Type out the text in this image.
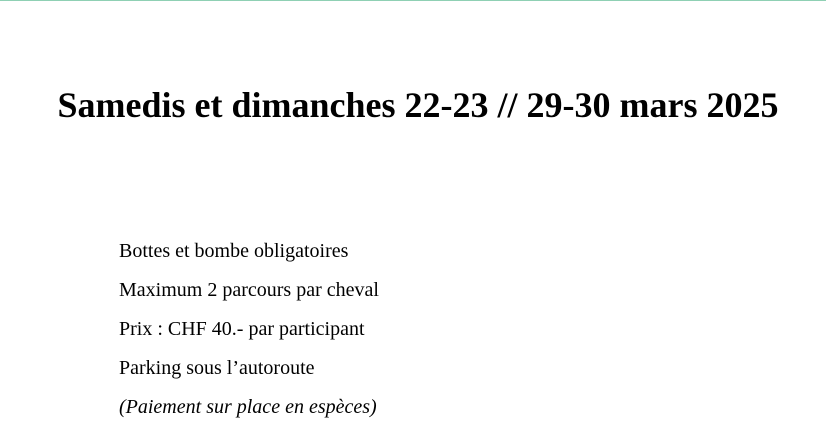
Samedis et dimanches 22-23 // 29-30 mars 2025
Bottes et bombe obligatoires
Maximum 2 parcours par cheval
Prix : CHF 40.- par participant
Parking sous l’autoroute
(Paiement sur place en espèces)
